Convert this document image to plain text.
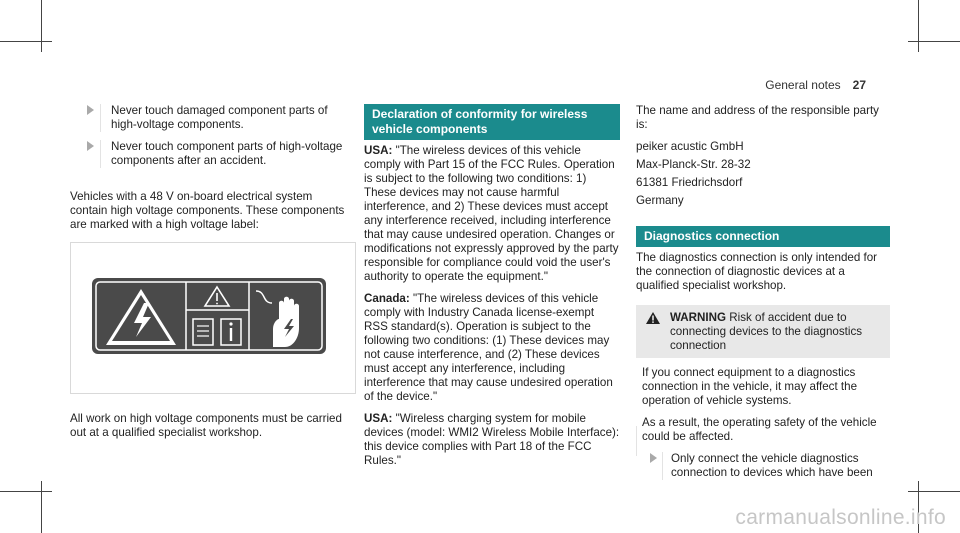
General notes 27
Never touch damaged component parts of high-voltage components.
Never touch component parts of high-voltage components after an accident.

Vehicles with a 48 V on-board electrical system contain high voltage components. These components are marked with a high voltage label:

All work on high voltage components must be carried out at a qualified specialist workshop.

Declaration of conformity for wireless vehicle components

USA: "The wireless devices of this vehicle comply with Part 15 of the FCC Rules. Operation is subject to the following two conditions: 1) These devices may not cause harmful interference, and 2) These devices must accept any interference received, including interference that may cause undesired operation. Changes or modifications not expressly approved by the party responsible for compliance could void the user's authority to operate the equipment."

Canada: "The wireless devices of this vehicle comply with Industry Canada license-exempt RSS standard(s). Operation is subject to the following two conditions: (1) These devices may not cause interference, and (2) These devices must accept any interference, including interference that may cause undesired operation of the device."

USA: "Wireless charging system for mobile devices (model: WMI2 Wireless Mobile Interface): this device complies with Part 18 of the FCC Rules."

The name and address of the responsible party is:

peiker acustic GmbH

Max-Planck-Str. 28-32

61381 Friedrichsdorf

Germany

Diagnostics connection

The diagnostics connection is only intended for the connection of diagnostic devices at a qualified specialist workshop.

WARNING Risk of accident due to connecting devices to the diagnostics connection

If you connect equipment to a diagnostics connection in the vehicle, it may affect the operation of vehicle systems.

As a result, the operating safety of the vehicle could be affected.

Only connect the vehicle diagnostics connection to devices which have been
carmanualsonline.info
